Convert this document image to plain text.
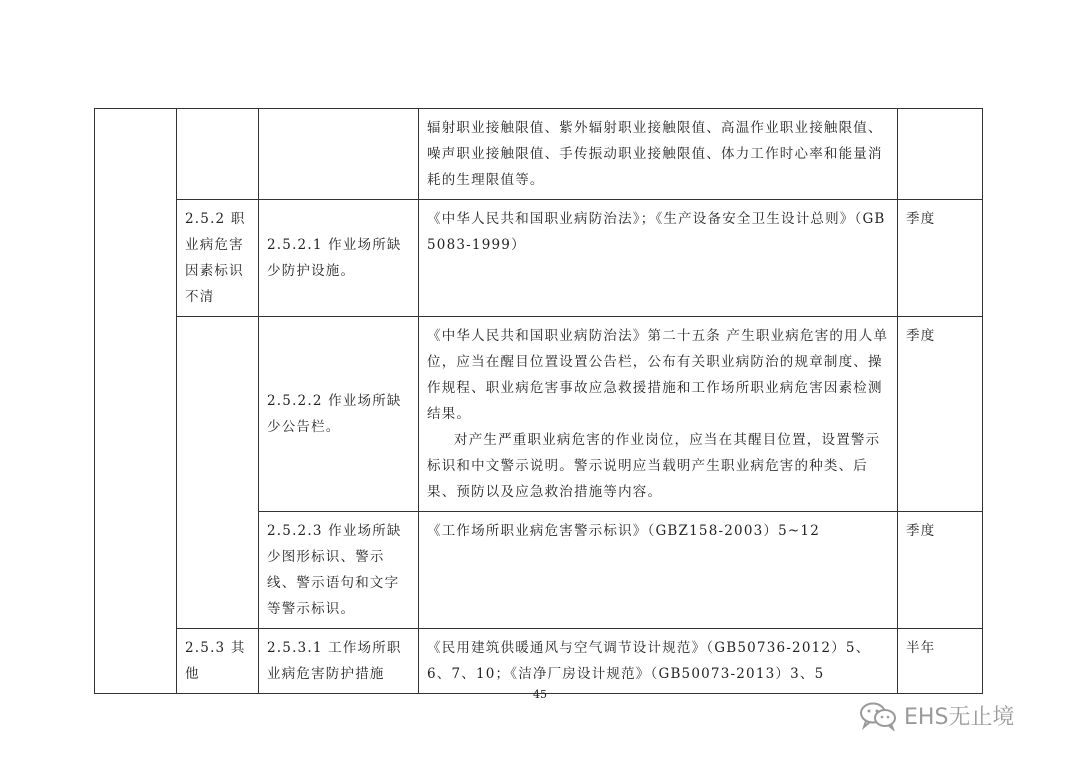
			辐射职业接触限值、紫外辐射职业接触限值、高温作业职业接触限值、噪声职业接触限值、手传振动职业接触限值、体力工作时心率和能量消耗的生理限值等。	
	2.5.2 职业病危害因素标识不清	2.5.2.1 作业场所缺少防护设施。	《中华人民共和国职业病防治法》；《生产设备安全卫生设计总则》（GB5083-1999）	季度
		2.5.2.2 作业场所缺少公告栏。	《中华人民共和国职业病防治法》第二十五条 产生职业病危害的用人单位，应当在醒目位置设置公告栏，公布有关职业病防治的规章制度、操作规程、职业病危害事故应急救援措施和工作场所职业病危害因素检测结果。

对产生严重职业病危害的作业岗位，应当在其醒目位置，设置警示标识和中文警示说明。警示说明应当载明产生职业病危害的种类、后果、预防以及应急救治措施等内容。	季度
		2.5.2.3 作业场所缺少图形标识、警示线、警示语句和文字等警示标识。	《工作场所职业病危害警示标识》（GBZ158-2003）5~12	季度
	2.5.3 其他	2.5.3.1 工作场所职业病危害防护措施	《民用建筑供暖通风与空气调节设计规范》（GB50736-2012）5、6、7、10；《洁净厂房设计规范》（GB50073-2013）3、5	半年
45
EHS无止境
